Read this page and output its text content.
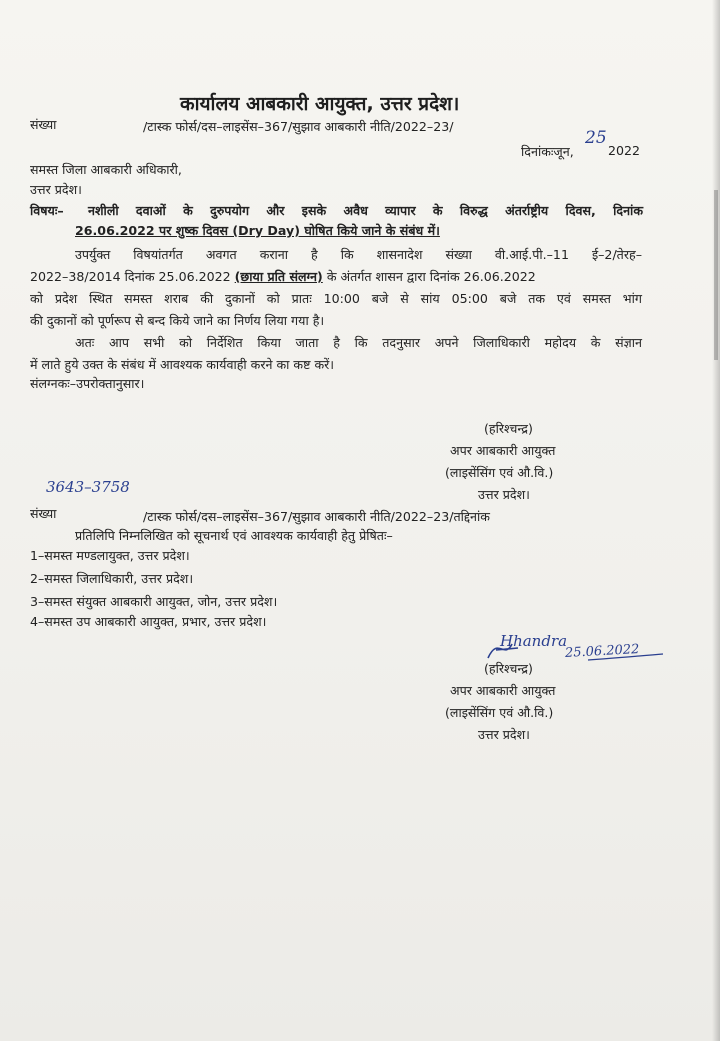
कार्यालय आबकारी आयुक्त, उत्तर प्रदेश।
संख्या	/टास्क फोर्स/दस–लाइसेंस–367/सुझाव आबकारी नीति/2022–23/
दिनांकःजून,
25
2022
समस्त जिला आबकारी अधिकारी,
उत्तर प्रदेश।
विषयः– नशीली दवाओं के दुरुपयोग और इसके अवैध व्यापार के विरुद्ध अंतर्राष्ट्रीय दिवस, दिनांक
26.06.2022 पर शुष्क दिवस (Dry Day) घोषित किये जाने के संबंध में।
उपर्युक्त विषयांतर्गत अवगत कराना है कि शासनादेश संख्या वी.आई.पी.–11 ई–2/तेरह–
2022–38/2014 दिनांक 25.06.2022 (छाया प्रति संलग्न) के अंतर्गत शासन द्वारा दिनांक 26.06.2022
को प्रदेश स्थित समस्त शराब की दुकानों को प्रातः 10:00 बजे से सांय 05:00 बजे तक एवं समस्त भांग
की दुकानों को पूर्णरूप से बन्द किये जाने का निर्णय लिया गया है।
अतः आप सभी को निर्देशित किया जाता है कि तदनुसार अपने जिलाधिकारी महोदय के संज्ञान
में लाते हुये उक्त के संबंध में आवश्यक कार्यवाही करने का कष्ट करें।
संलग्नकः–उपरोक्तानुसार।
(हरिश्चन्द्र)
अपर आबकारी आयुक्त
(लाइसेंसिंग एवं औ.वि.)
उत्तर प्रदेश।
3643–3758
संख्या	/टास्क फोर्स/दस–लाइसेंस–367/सुझाव आबकारी नीति/2022–23/तद्दिनांक
प्रतिलिपि निम्नलिखित को सूचनार्थ एवं आवश्यक कार्यवाही हेतु प्रेषितः–
1–समस्त मण्डलायुक्त, उत्तर प्रदेश।
2–समस्त जिलाधिकारी, उत्तर प्रदेश।
3–समस्त संयुक्त आबकारी आयुक्त, जोन, उत्तर प्रदेश।
4–समस्त उप आबकारी आयुक्त, प्रभार, उत्तर प्रदेश।
Hhandra
25.06.2022
(हरिश्चन्द्र)
अपर आबकारी आयुक्त
(लाइसेंसिंग एवं औ.वि.)
उत्तर प्रदेश।
